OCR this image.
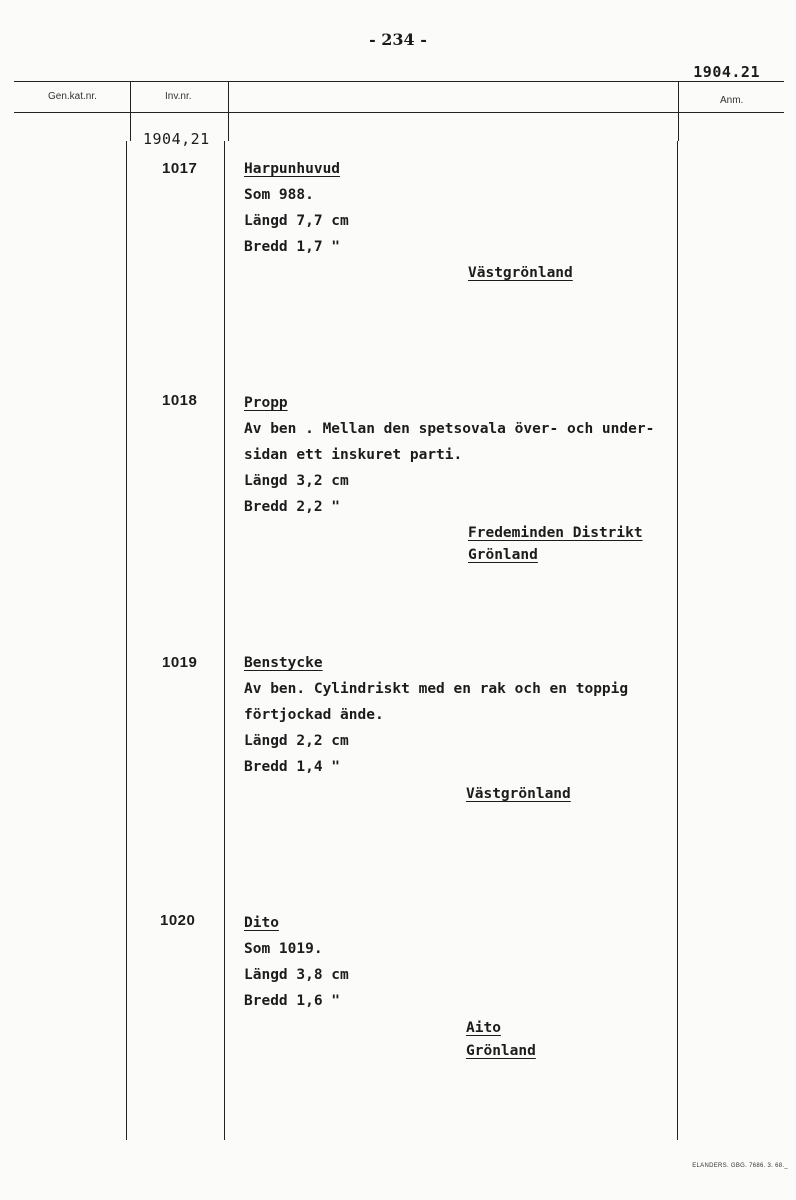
- 234 -
1904.21
Gen.kat.nr.	Inv.nr.	Anm.
1904,21
1017	Harpunhuvud
Som 988.
Längd 7,7 cm
Bredd 1,7 "
Västgrönland
1018	Propp
Av ben . Mellan den spetsovala över- och under-
sidan ett inskuret parti.
Längd 3,2 cm
Bredd 2,2 "
Fredeminden Distrikt
Grönland
1019	Benstycke
Av ben. Cylindriskt med en rak och en toppig
förtjockad ände.
Längd 2,2 cm
Bredd 1,4 "
Västgrönland
1020	Dito
Som 1019.
Längd 3,8 cm
Bredd 1,6 "
Aito
Grönland
ELANDERS. GBG. 7686. 3. 68._
